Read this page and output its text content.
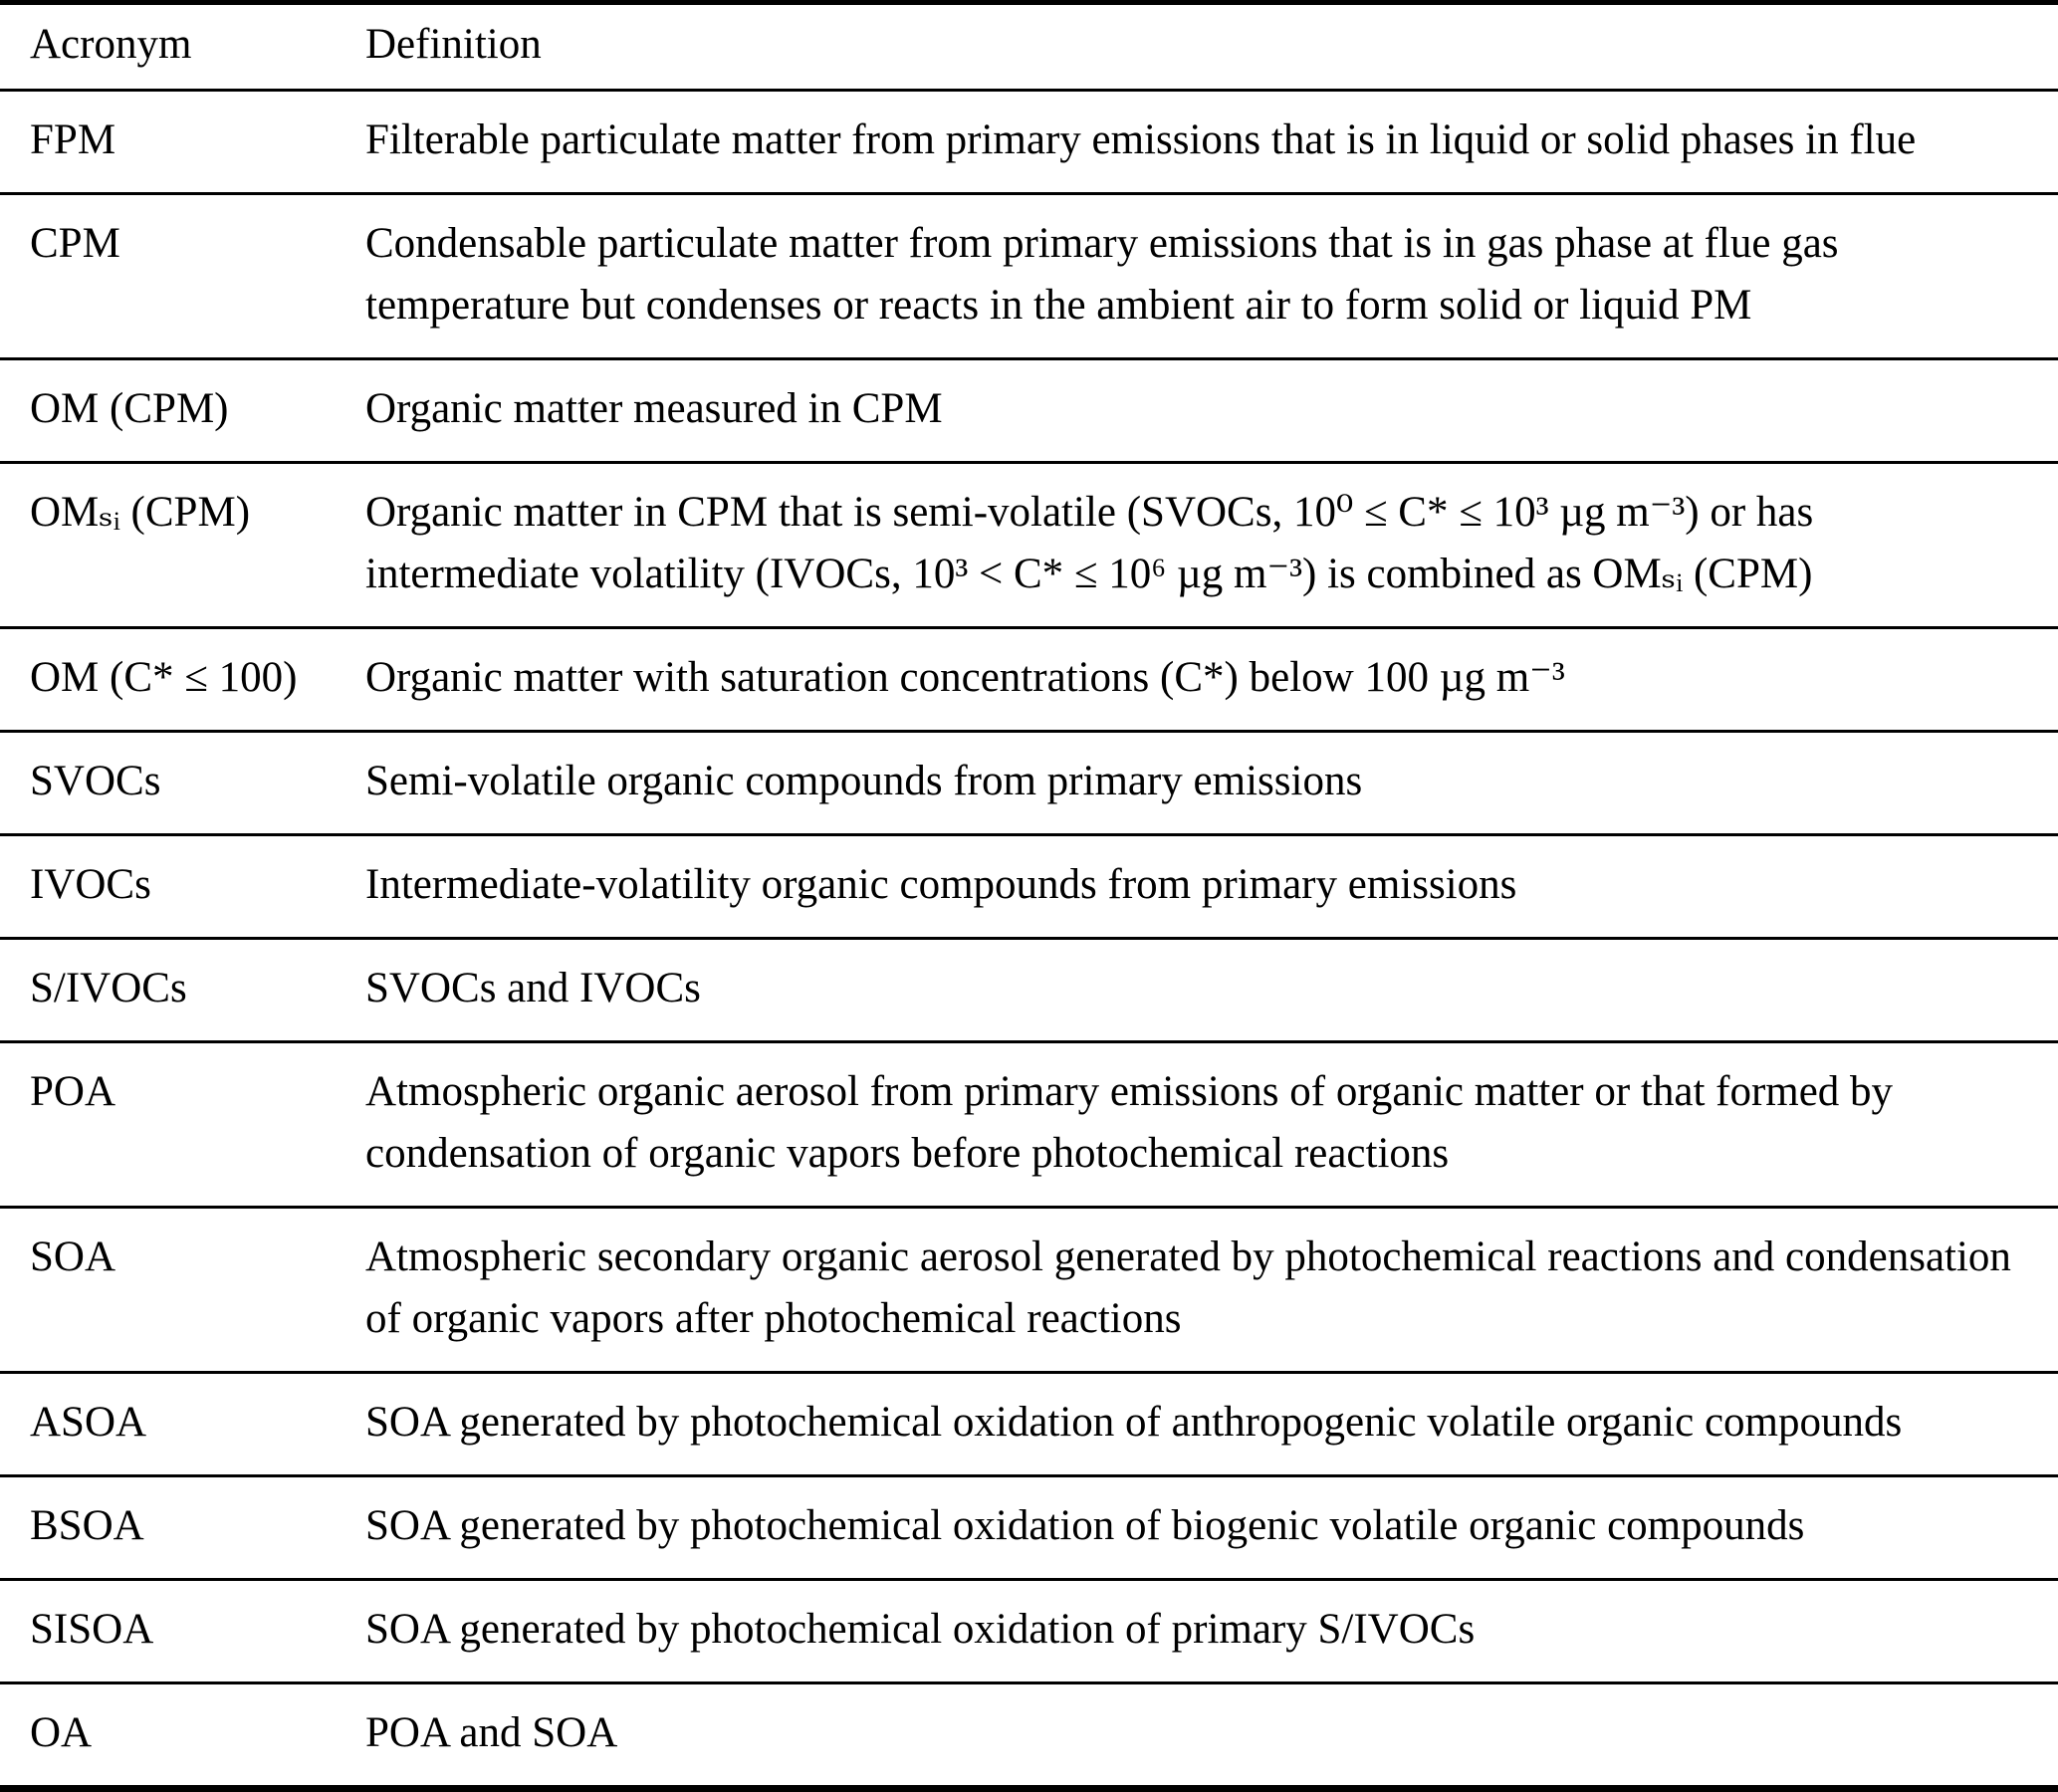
Acronym	Definition
FPM	Filterable particulate matter from primary emissions that is in liquid or solid phases in flue
CPM	Condensable particulate matter from primary emissions that is in gas phase at flue gas temperature but condenses or reacts in the ambient air to form solid or liquid PM
OM (CPM)	Organic matter measured in CPM
OMₛᵢ (CPM)	Organic matter in CPM that is semi-volatile (SVOCs, 10⁰ ≤ C* ≤ 10³ µg m⁻³) or has intermediate volatility (IVOCs, 10³ < C* ≤ 10⁶ µg m⁻³) is combined as OMₛᵢ (CPM)
OM (C* ≤ 100)	Organic matter with saturation concentrations (C*) below 100 µg m⁻³
SVOCs	Semi-volatile organic compounds from primary emissions
IVOCs	Intermediate-volatility organic compounds from primary emissions
S/IVOCs	SVOCs and IVOCs
POA	Atmospheric organic aerosol from primary emissions of organic matter or that formed by condensation of organic vapors before photochemical reactions
SOA	Atmospheric secondary organic aerosol generated by photochemical reactions and condensation of organic vapors after photochemical reactions
ASOA	SOA generated by photochemical oxidation of anthropogenic volatile organic compounds
BSOA	SOA generated by photochemical oxidation of biogenic volatile organic compounds
SISOA	SOA generated by photochemical oxidation of primary S/IVOCs
OA	POA and SOA
